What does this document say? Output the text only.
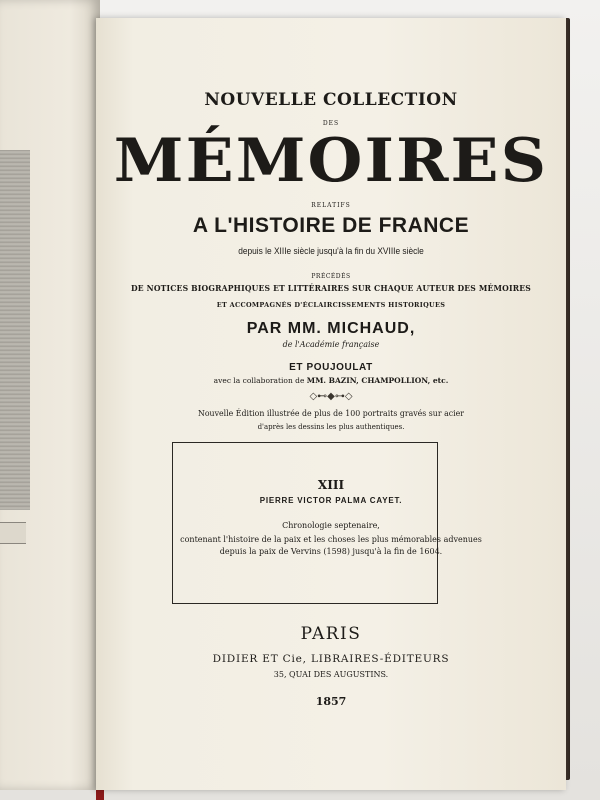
NOUVELLE COLLECTION
DES
MÉMOIRES
RELATIFS
A L'HISTOIRE DE FRANCE
depuis le XIIIe siècle jusqu'à la fin du XVIIIe siècle
PRÉCÉDÉS
DE NOTICES BIOGRAPHIQUES ET LITTÉRAIRES SUR CHAQUE AUTEUR DES MÉMOIRES
ET ACCOMPAGNÉS D'ÉCLAIRCISSEMENTS HISTORIQUES
PAR MM. MICHAUD,
de l'Académie française
ET POUJOULAT
avec la collaboration de MM. BAZIN, CHAMPOLLION, etc.
◇⊷◆⊶◇
Nouvelle Édition illustrée de plus de 100 portraits gravés sur acier
d'après les dessins les plus authentiques.
XIII
PIERRE VICTOR PALMA CAYET.
Chronologie septenaire,
contenant l'histoire de la paix et les choses les plus mémorables advenues
depuis la paix de Vervins (1598) jusqu'à la fin de 1604.
PARIS
DIDIER ET Cie, LIBRAIRES-ÉDITEURS
35, QUAI DES AUGUSTINS.
1857
